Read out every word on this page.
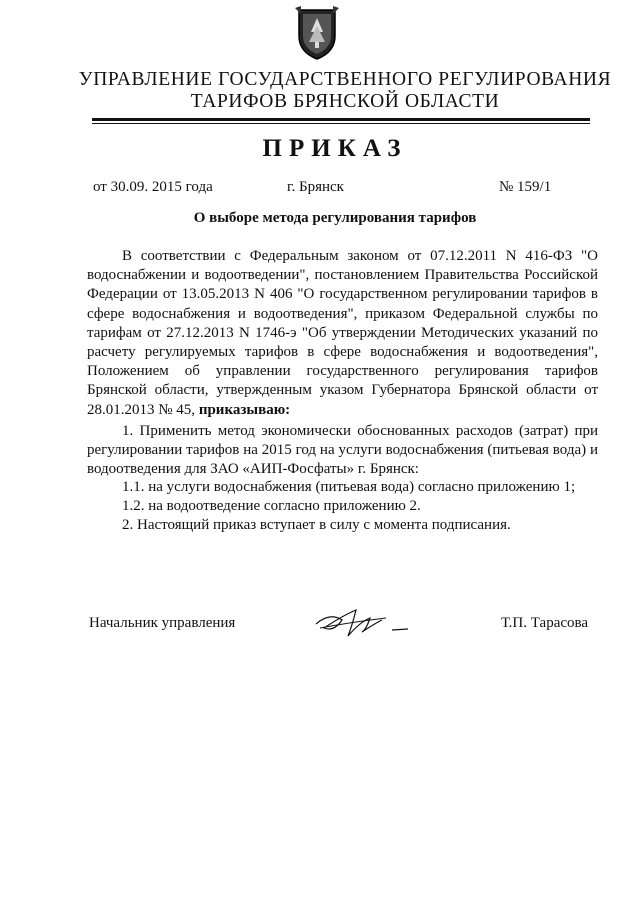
УПРАВЛЕНИЕ ГОСУДАРСТВЕННОГО РЕГУЛИРОВАНИЯ
ТАРИФОВ БРЯНСКОЙ ОБЛАСТИ
ПРИКАЗ
от 30.09. 2015 года	г. Брянск	№ 159/1
О выборе метода регулирования тарифов
В соответствии с Федеральным законом от 07.12.2011 N 416-ФЗ "О водоснабжении и водоотведении", постановлением Правительства Российской Федерации от 13.05.2013 N 406 "О государственном регулировании тарифов в сфере водоснабжения и водоотведения", приказом Федеральной службы по тарифам от 27.12.2013 N 1746-э "Об утверждении Методических указаний по расчету регулируемых тарифов в сфере водоснабжения и водоотведения", Положением об управлении государственного регулирования тарифов Брянской области, утвержденным указом Губернатора Брянской области от 28.01.2013 № 45, приказываю:
1. Применить метод экономически обоснованных расходов (затрат) при регулировании тарифов на 2015 год на услуги водоснабжения (питьевая вода) и водоотведения для ЗАО «АИП-Фосфаты» г. Брянск:
1.1. на услуги водоснабжения (питьевая вода) согласно приложению 1;
1.2. на водоотведение согласно приложению 2.
2. Настоящий приказ вступает в силу с момента подписания.
Начальник управления	Т.П. Тарасова
